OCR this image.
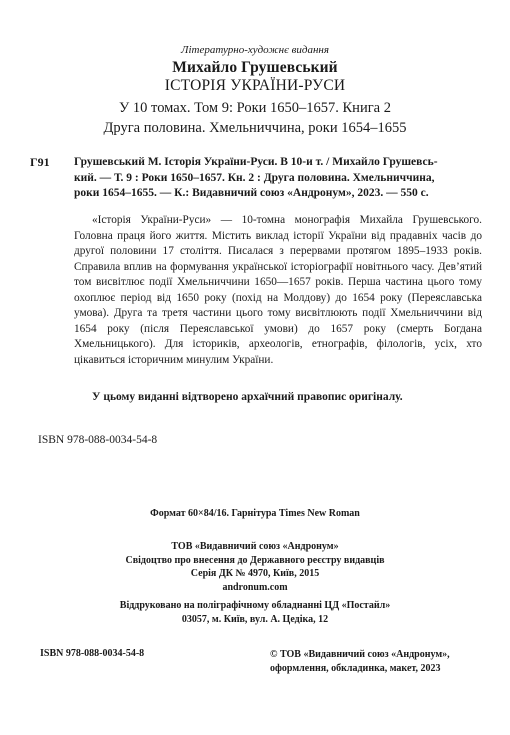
Літературно-художнє видання
Михайло Грушевський
ІСТОРІЯ УКРАЇНИ-РУСИ
У 10 томах. Том 9: Роки 1650–1657. Книга 2
Друга половина. Хмельниччина, роки 1654–1655
Г91 Грушевський М. Історія України-Руси. В 10-и т. / Михайло Грушевсь-

кий. — Т. 9 : Роки 1650–1657. Кн. 2 : Друга половина. Хмельниччина,

роки 1654–1655. — К.: Видавничий союз «Андронум», 2023. — 550 с.

«Історія України-Руси» — 10-томна монографія Михайла Грушевського. Головна праця його життя. Містить виклад історії України від прадавніх часів до другої половини 17 століття. Писалася з перервами протягом 1895–1933 років. Справила вплив на формування української історіографії новітнього часу. Дев’ятий том висвітлює події Хмельниччини 1650—1657 років. Перша частина цього тому охоплює період від 1650 року (похід на Молдову) до 1654 року (Переяславська умова). Друга та третя частини цього тому висвітлюють події Хмельниччини від 1654 року (після Переяславської умови) до 1657 року (смерть Богдана Хмельницького). Для істориків, археологів, етнографів, філологів, усіх, хто цікавиться історичним минулим України.

У цьому виданні відтворено архаїчний правопис оригіналу.
ISBN 978-088-0034-54-8
Формат 60×84/16. Гарнітура Times New Roman
ТОВ «Видавничий союз «Андронум»
Свідоцтво про внесення до Державного реєстру видавців
Серія ДК № 4970, Київ, 2015
andronum.com
Віддруковано на поліграфічному обладнанні ЦД «Постайл»
03057, м. Київ, вул. А. Цедіка, 12
ISBN 978-088-0034-54-8	© ТОВ «Видавничий союз «Андронум»,
оформлення, обкладинка, макет, 2023
